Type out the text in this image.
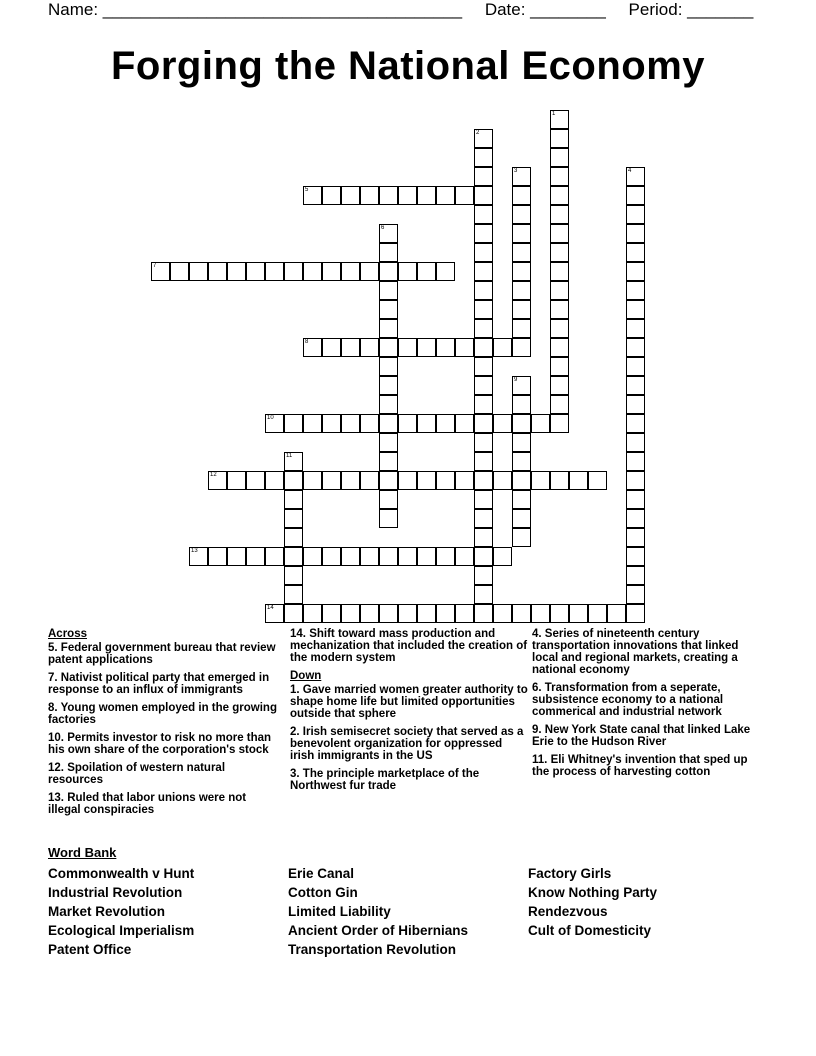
Name: ______________________________________ Date: ________ Period: _______
Forging the National Economy
1
2
3	4
5
6
7
8
9
10
11
12
13
14
Across
5. Federal government bureau that review patent applications
7. Nativist political party that emerged in response to an influx of immigrants
8. Young women employed in the growing factories
10. Permits investor to risk no more than his own share of the corporation's stock
12. Spoilation of western natural resources
13. Ruled that labor unions were not illegal conspiracies
14. Shift toward mass production and mechanization that included the creation of the modern system
Down
1. Gave married women greater authority to shape home life but limited opportunities outside that sphere
2. Irish semisecret society that served as a benevolent organization for oppressed irish immigrants in the US
3. The principle marketplace of the Northwest fur trade
4. Series of nineteenth century transportation innovations that linked local and regional markets, creating a national economy
6. Transformation from a seperate, subsistence economy to a national commerical and industrial network
9. New York State canal that linked Lake Erie to the Hudson River
11. Eli Whitney's invention that sped up the process of harvesting cotton
Word Bank
Commonwealth v Hunt
Industrial Revolution
Market Revolution
Ecological Imperialism
Patent Office
Erie Canal
Cotton Gin
Limited Liability
Ancient Order of Hibernians
Transportation Revolution
Factory Girls
Know Nothing Party
Rendezvous
Cult of Domesticity
